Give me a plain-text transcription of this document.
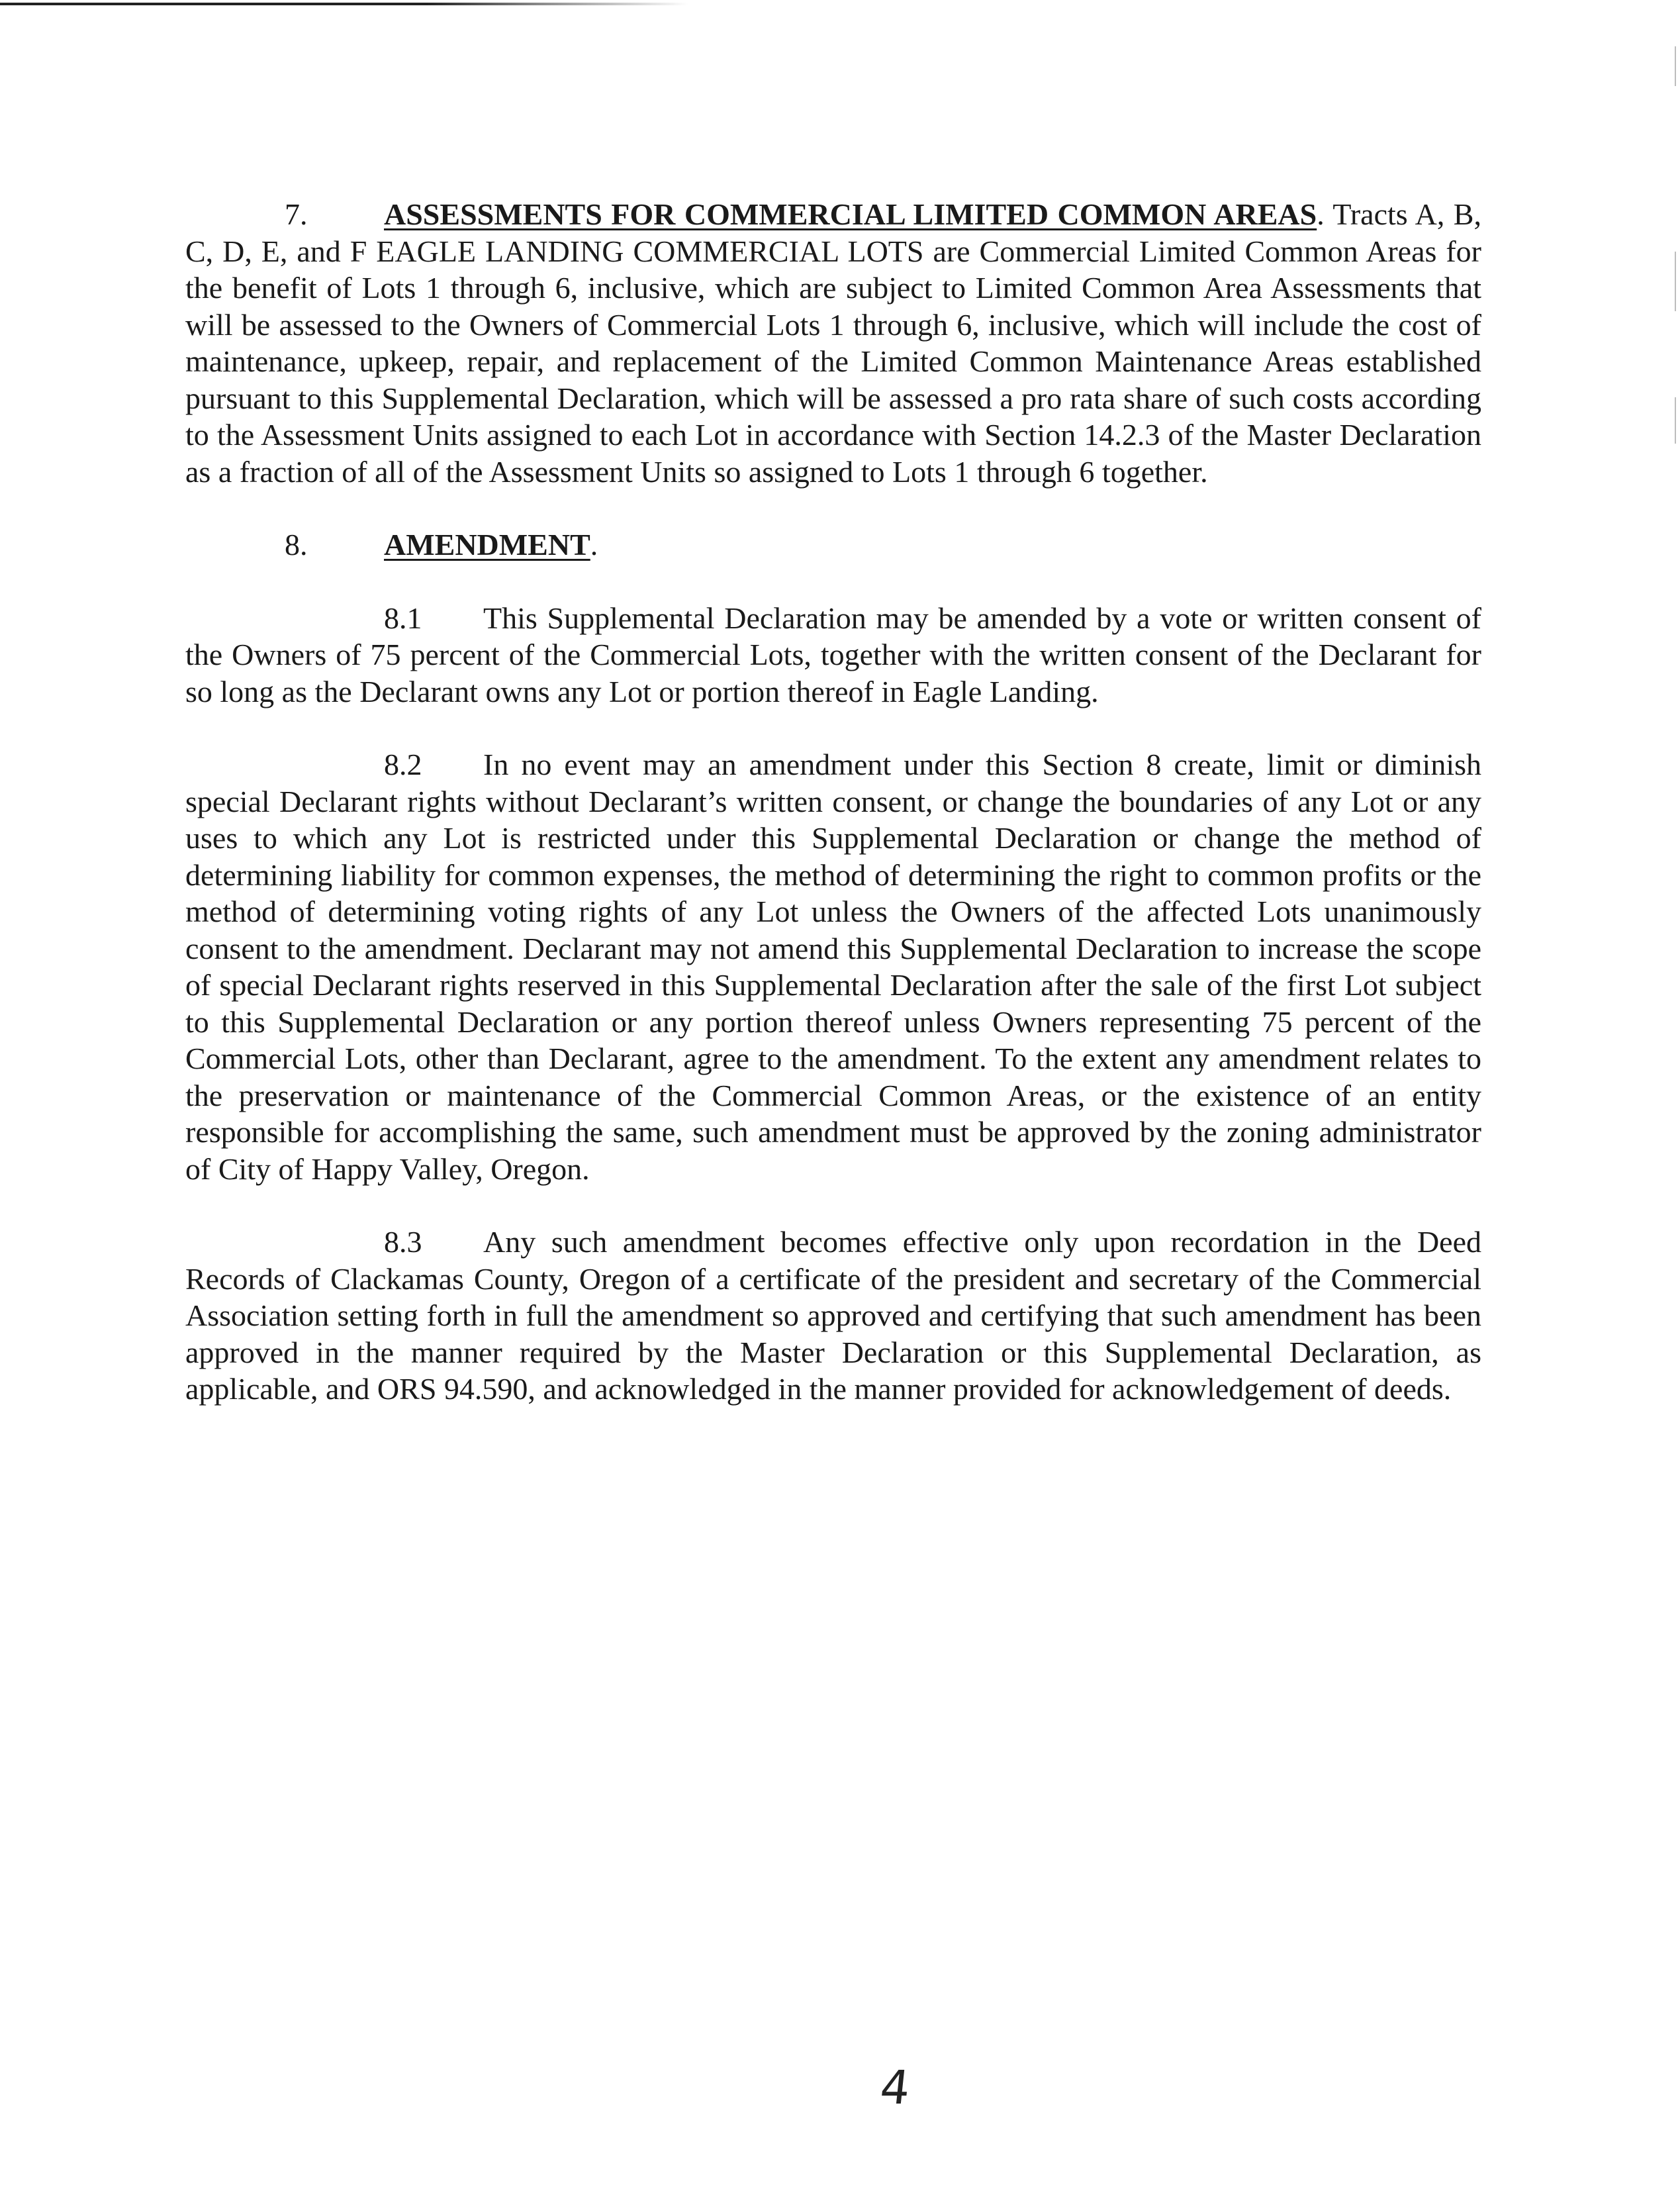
7.	ASSESSMENTS FOR COMMERCIAL LIMITED COMMON AREAS. Tracts A, B, C, D, E, and F EAGLE LANDING COMMERCIAL LOTS are Commercial Limited Common Areas for the benefit of Lots 1 through 6, inclusive, which are subject to Limited Common Area Assessments that will be assessed to the Owners of Commercial Lots 1 through 6, inclusive, which will include the cost of maintenance, upkeep, repair, and replacement of the Limited Common Maintenance Areas established pursuant to this Supplemental Declaration, which will be assessed a pro rata share of such costs according to the Assessment Units assigned to each Lot in accordance with Section 14.2.3 of the Master Declaration as a fraction of all of the Assessment Units so assigned to Lots 1 through 6 together.

8.	AMENDMENT.

8.1 This Supplemental Declaration may be amended by a vote or written consent of the Owners of 75 percent of the Commercial Lots, together with the written consent of the Declarant for so long as the Declarant owns any Lot or portion thereof in Eagle Landing.

8.2 In no event may an amendment under this Section 8 create, limit or diminish special Declarant rights without Declarant’s written consent, or change the boundaries of any Lot or any uses to which any Lot is restricted under this Supplemental Declaration or change the method of determining liability for common expenses, the method of determining the right to common profits or the method of determining voting rights of any Lot unless the Owners of the affected Lots unanimously consent to the amendment. Declarant may not amend this Supplemental Declaration to increase the scope of special Declarant rights reserved in this Supplemental Declaration after the sale of the first Lot subject to this Supplemental Declaration or any portion thereof unless Owners representing 75 percent of the Commercial Lots, other than Declarant, agree to the amendment. To the extent any amendment relates to the preservation or maintenance of the Commercial Common Areas, or the existence of an entity responsible for accomplishing the same, such amendment must be approved by the zoning administrator of City of Happy Valley, Oregon.

8.3 Any such amendment becomes effective only upon recordation in the Deed Records of Clackamas County, Oregon of a certificate of the president and secretary of the Commercial Association setting forth in full the amendment so approved and certifying that such amendment has been approved in the manner required by the Master Declaration or this Supplemental Declaration, as applicable, and ORS 94.590, and acknowledged in the manner provided for acknowledgement of deeds.

4
